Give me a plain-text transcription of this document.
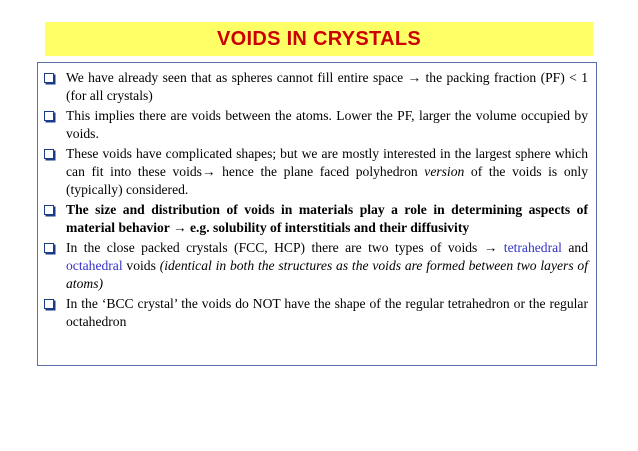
VOIDS IN CRYSTALS
We have already seen that as spheres cannot fill entire space → the packing fraction (PF) < 1 (for all crystals)
This implies there are voids between the atoms. Lower the PF, larger the volume occupied by voids.
These voids have complicated shapes; but we are mostly interested in the largest sphere which can fit into these voids→ hence the plane faced polyhedron version of the voids is only (typically) considered.
The size and distribution of voids in materials play a role in determining aspects of material behavior → e.g. solubility of interstitials and their diffusivity
In the close packed crystals (FCC, HCP) there are two types of voids → tetrahedral and octahedral voids (identical in both the structures as the voids are formed between two layers of atoms)
In the ‘BCC crystal’ the voids do NOT have the shape of the regular tetrahedron or the regular octahedron
